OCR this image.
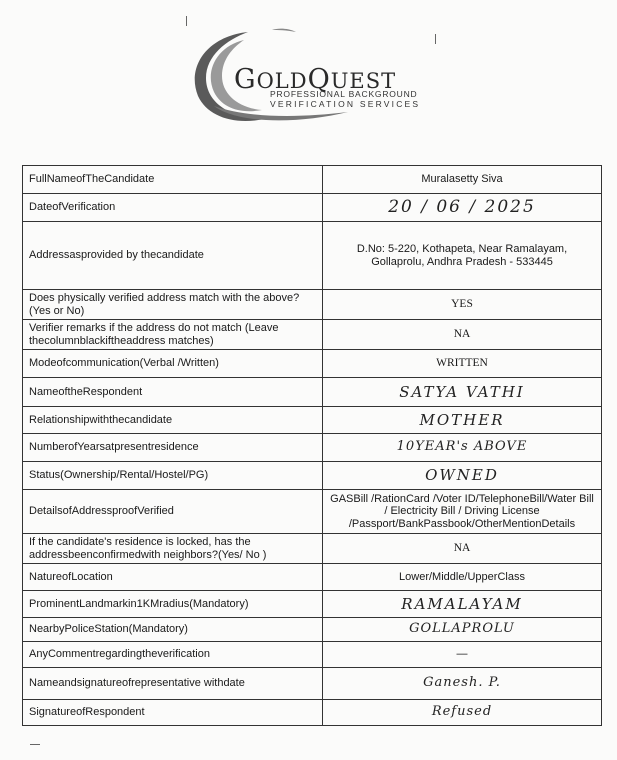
GOLDQUEST
PROFESSIONAL BACKGROUND
VERIFICATION SERVICES
FullNameofTheCandidate	Muralasetty Siva
DateofVerification	20 / 06 / 2025
Addressasprovided by thecandidate	D.No: 5-220, Kothapeta, Near Ramalayam, Gollaprolu, Andhra Pradesh - 533445
Does physically verified address match with the above?(Yes or No)	YES
Verifier remarks if the address do not match (Leave thecolumnblackiftheaddress matches)	NA
Modeofcommunication(Verbal /Written)	WRITTEN
NameoftheRespondent	SATYA VATHI
Relationshipwiththecandidate	MOTHER
NumberofYearsatpresentresidence	10YEAR's ABOVE
Status(Ownership/Rental/Hostel/PG)	OWNED
DetailsofAddressproofVerified	GASBill /RationCard /Voter ID/TelephoneBill/Water Bill / Electricity Bill / Driving License /Passport/BankPassbook/OtherMentionDetails
If the candidate's residence is locked, has the addressbeenconfirmedwith neighbors?(Yes/ No )	NA
NatureofLocation	Lower/Middle/UpperClass
ProminentLandmarkin1KMradius(Mandatory)	RAMALAYAM
NearbyPoliceStation(Mandatory)	GOLLAPROLU
AnyCommentregardingtheverification	—
Nameandsignatureofrepresentative withdate	Ganesh. P.
SignatureofRespondent	Refused
